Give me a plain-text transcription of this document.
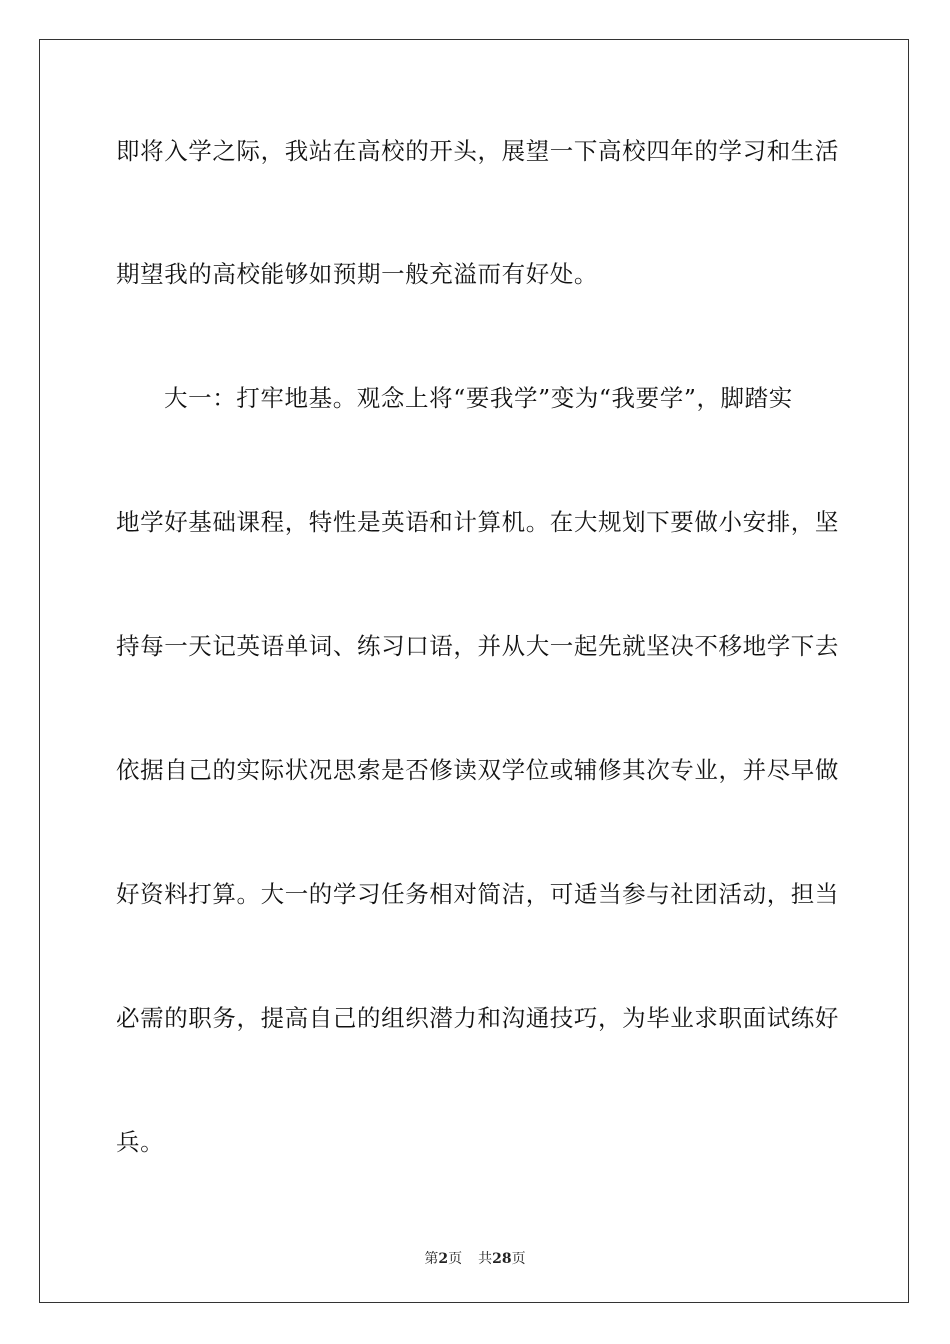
即将入学之际，我站在高校的开头，展望一下高校四年的学习和生活
期望我的高校能够如预期一般充溢而有好处。
大一：打牢地基。观念上将“要我学”变为“我要学”，脚踏实
地学好基础课程，特性是英语和计算机。在大规划下要做小安排，坚
持每一天记英语单词、练习口语，并从大一起先就坚决不移地学下去
依据自己的实际状况思索是否修读双学位或辅修其次专业，并尽早做
好资料打算。大一的学习任务相对简洁，可适当参与社团活动，担当
必需的职务，提高自己的组织潜力和沟通技巧，为毕业求职面试练好
兵。
第2页 共28页
